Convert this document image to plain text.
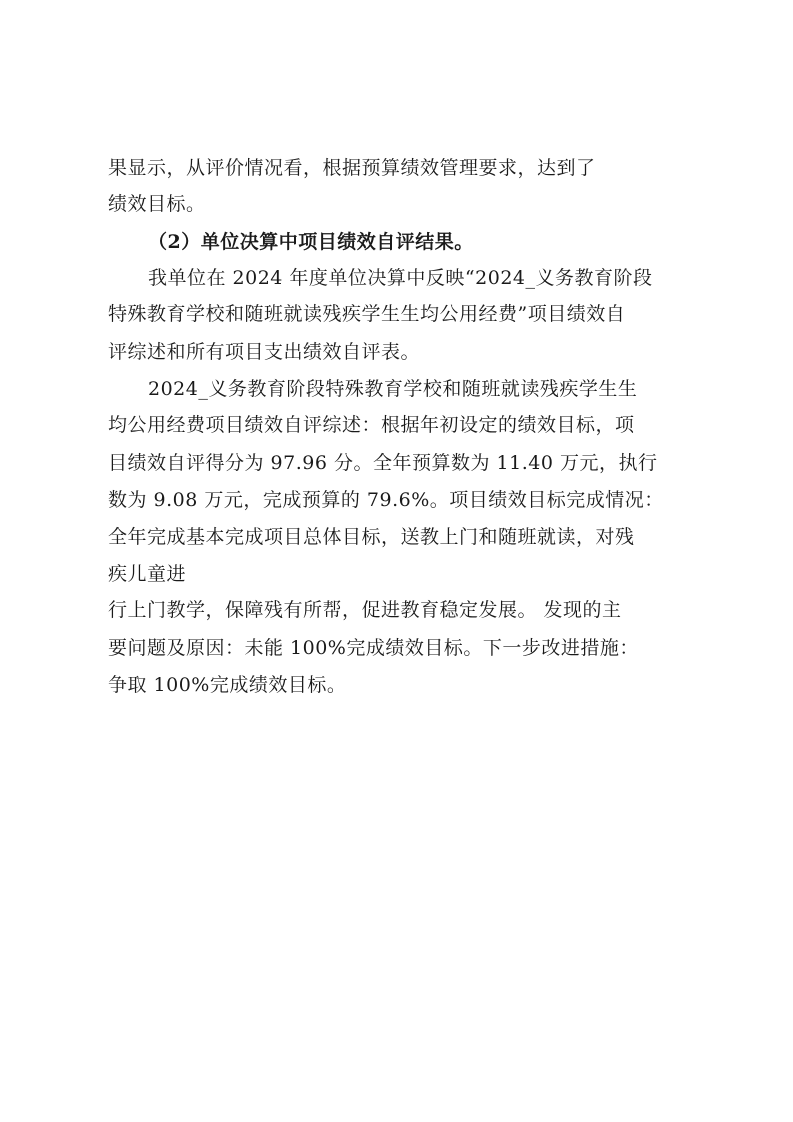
果显示，从评价情况看，根据预算绩效管理要求，达到了
绩效目标。
（2）单位决算中项目绩效自评结果。
我单位在 2024 年度单位决算中反映“2024_义务教育阶段
特殊教育学校和随班就读残疾学生生均公用经费”项目绩效自
评综述和所有项目支出绩效自评表。
2024_义务教育阶段特殊教育学校和随班就读残疾学生生
均公用经费项目绩效自评综述：根据年初设定的绩效目标，项
目绩效自评得分为 97.96 分。全年预算数为 11.40 万元，执行
数为 9.08 万元，完成预算的 79.6%。项目绩效目标完成情况：
全年完成基本完成项目总体目标，送教上门和随班就读，对残
疾儿童进
行上门教学，保障残有所帮，促进教育稳定发展。 发现的主
要问题及原因：未能 100%完成绩效目标。下一步改进措施：
争取 100%完成绩效目标。
